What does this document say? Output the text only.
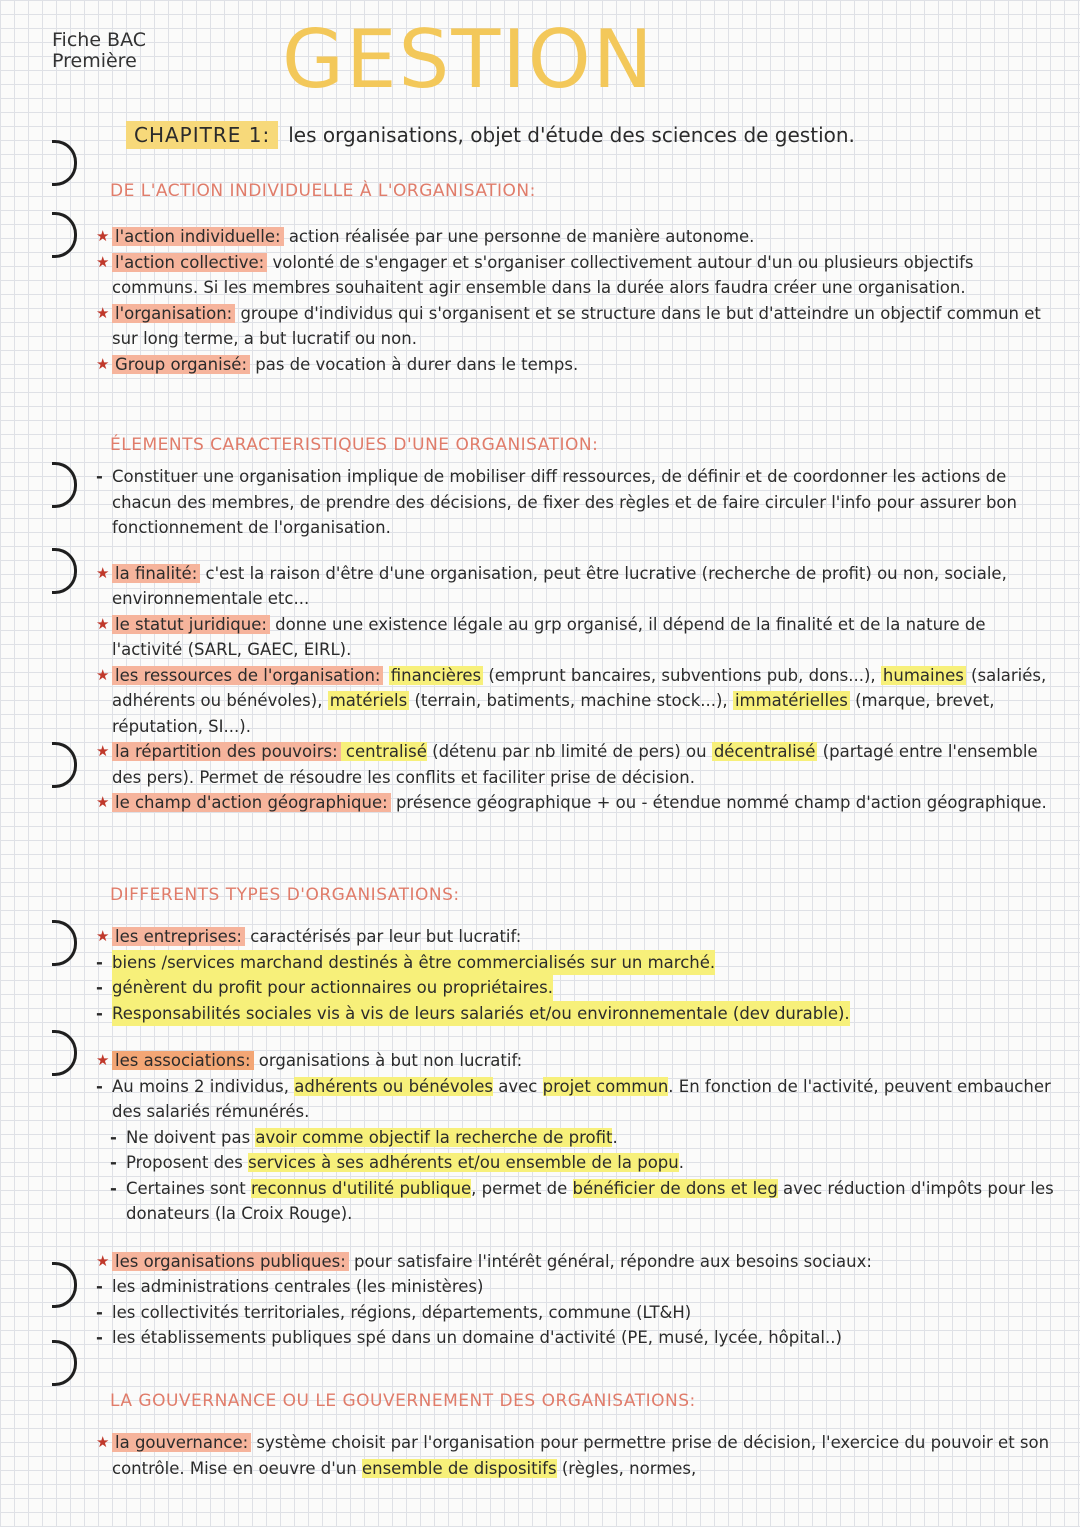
Fiche BAC
Première GESTION
CHAPITRE 1: les organisations, objet d'étude des sciences de gestion.
DE L'ACTION INDIVIDUELLE À L'ORGANISATION:
★ l'action individuelle: action réalisée par une personne de manière autonome.
★ l'action collective: volonté de s'engager et s'organiser collectivement autour d'un ou plusieurs objectifs communs. Si les membres souhaitent agir ensemble dans la durée alors faudra créer une organisation.
★ l'organisation: groupe d'individus qui s'organisent et se structure dans le but d'atteindre un objectif commun et sur long terme, a but lucratif ou non.
★ Group organisé: pas de vocation à durer dans le temps.
ÉLEMENTS CARACTERISTIQUES D'UNE ORGANISATION:
- Constituer une organisation implique de mobiliser diff ressources, de définir et de coordonner les actions de chacun des membres, de prendre des décisions, de fixer des règles et de faire circuler l'info pour assurer bon fonctionnement de l'organisation.
★ la finalité: c'est la raison d'être d'une organisation, peut être lucrative (recherche de profit) ou non, sociale, environnementale etc...
★ le statut juridique: donne une existence légale au grp organisé, il dépend de la finalité et de la nature de l'activité (SARL, GAEC, EIRL).
★ les ressources de l'organisation: financières (emprunt bancaires, subventions pub, dons...), humaines (salariés, adhérents ou bénévoles), matériels (terrain, batiments, machine stock...), immatérielles (marque, brevet, réputation, SI...).
★ la répartition des pouvoirs: centralisé (détenu par nb limité de pers) ou décentralisé (partagé entre l'ensemble des pers). Permet de résoudre les conflits et faciliter prise de décision.
★ le champ d'action géographique: présence géographique + ou - étendue nommé champ d'action géographique.
DIFFERENTS TYPES D'ORGANISATIONS:
★ les entreprises: caractérisés par leur but lucratif:
- biens /services marchand destinés à être commercialisés sur un marché.
- génèrent du profit pour actionnaires ou propriétaires.
- Responsabilités sociales vis à vis de leurs salariés et/ou environnementale (dev durable).
★ les associations: organisations à but non lucratif:
- Au moins 2 individus, adhérents ou bénévoles avec projet commun. En fonction de l'activité, peuvent embaucher des salariés rémunérés.
- Ne doivent pas avoir comme objectif la recherche de profit.
- Proposent des services à ses adhérents et/ou ensemble de la popu.
- Certaines sont reconnus d'utilité publique, permet de bénéficier de dons et leg avec réduction d'impôts pour les donateurs (la Croix Rouge).
★ les organisations publiques: pour satisfaire l'intérêt général, répondre aux besoins sociaux:
- les administrations centrales (les ministères)
- les collectivités territoriales, régions, départements, commune (LT&H)
- les établissements publiques spé dans un domaine d'activité (PE, musé, lycée, hôpital..)
LA GOUVERNANCE OU LE GOUVERNEMENT DES ORGANISATIONS:
★ la gouvernance: système choisit par l'organisation pour permettre prise de décision, l'exercice du pouvoir et son contrôle. Mise en oeuvre d'un ensemble de dispositifs (règles, normes,
